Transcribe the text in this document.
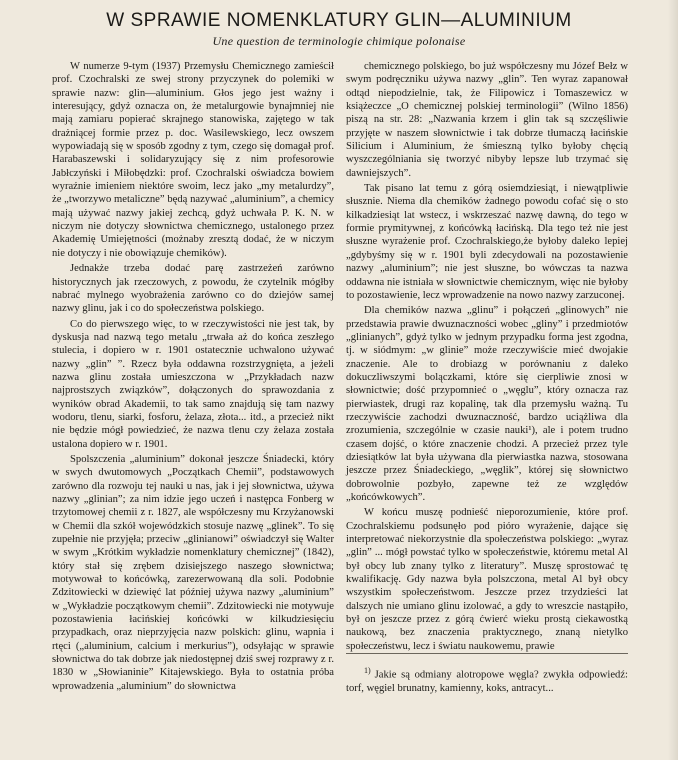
W SPRAWIE NOMENKLATURY GLIN—ALUMINIUM
Une question de terminologie chimique polonaise

W numerze 9-tym (1937) Przemysłu Chemicznego zamieścił prof. Czochralski ze swej strony przyczynek do polemiki w sprawie nazw: glin—aluminium. Głos jego jest ważny i interesujący, gdyż oznacza on, że metalurgowie bynajmniej nie mają zamiaru popierać skrajnego stanowiska, zajętego w tak drażniącej formie przez p. doc. Wasilewskiego, lecz owszem wypowiadają się w sposób zgodny z tym, czego się domagał prof. Harabaszewski i solidaryzujący się z nim profesorowie Jabłczyński i Miłobędzki: prof. Czochralski oświadcza bowiem wyraźnie imieniem niektóre swoim, lecz jako „my metalurdzy”, że „tworzywo metaliczne” będą nazywać „aluminium”, a chemicy mają używać nazwy jakiej zechcą, gdyż uchwała P. K. N. w niczym nie dotyczy słownictwa chemicznego, ustalonego przez Akademię Umiejętności (możnaby zresztą dodać, że w niczym nie dotyczy i nie obowiązuje chemików).

Jednakże trzeba dodać parę zastrzeżeń zarówno historycznych jak rzeczowych, z powodu, że czytelnik mógłby nabrać mylnego wyobrażenia zarówno co do dziejów samej nazwy glinu, jak i co do społeczeństwa polskiego.

Co do pierwszego więc, to w rzeczywistości nie jest tak, by dyskusja nad nazwą tego metalu „trwała aż do końca zeszłego stulecia, i dopiero w r. 1901 ostatecznie uchwalono używać nazwy „glin” ”. Rzecz była oddawna rozstrzygnięta, a jeżeli nazwa glinu została umieszczona w „Przykładach nazw najprostszych związków”, dołączonych do sprawozdania z wyników obrad Akademii, to tak samo znajdują się tam nazwy wodoru, tlenu, siarki, fosforu, żelaza, złota... itd., a przecież nikt nie będzie mógł powiedzieć, że nazwa tlenu czy żelaza została ustalona dopiero w r. 1901.

Spolszczenia „aluminium” dokonał jeszcze Śniadecki, który w swych dwutomowych „Początkach Chemii”, podstawowych zarówno dla rozwoju tej nauki u nas, jak i jej słownictwa, używa nazwy „glinian”; za nim idzie jego uczeń i następca Fonberg w trzytomowej chemii z r. 1827, ale współczesny mu Krzyżanowski w Chemii dla szkół wojewódzkich stosuje nazwę „glinek”. To się zupełnie nie przyjęła; przeciw „glinianowi” oświadczył się Walter w swym „Krótkim wykładzie nomenklatury chemicznej” (1842), który stał się zrębem dzisiejszego naszego słownictwa; motywował to końcówką, zarezerwowaną dla soli. Podobnie Zdzitowiecki w dziewięć lat później używa nazwy „aluminium” w „Wykładzie początkowym chemii”. Zdzitowiecki nie motywuje pozostawienia łacińskiej końcówki w kilkudziesięciu przypadkach, oraz nieprzyjęcia nazw polskich: glinu, wapnia i rtęci („aluminium, calcium i merkurius”), odsyłając w sprawie słownictwa do tak dobrze jak niedostępnej dziś swej rozprawy z r. 1830 w „Słowianinie” Kitajewskiego. Była to ostatnia próba wprowadzenia „aluminium” do słownictwa

chemicznego polskiego, bo już współczesny mu Józef Bełz w swym podręczniku używa nazwy „glin”. Ten wyraz zapanował odtąd niepodzielnie, tak, że Filipowicz i Tomaszewicz w książeczce „O chemicznej polskiej terminologii” (Wilno 1856) piszą na str. 28: „Nazwania krzem i glin tak są szczęśliwie przyjęte w naszem słownictwie i tak dobrze tłumaczą łacińskie Silicium i Aluminium, że śmieszną tylko byłoby chęcią wyszczególniania się tworzyć nibyby lepsze lub trzymać się dawniejszych”.

Tak pisano lat temu z górą osiemdziesiąt, i niewątpliwie słusznie. Niema dla chemików żadnego powodu cofać się o sto kilkadziesiąt lat wstecz, i wskrzeszać nazwę dawną, do tego w formie prymitywnej, z końcówką łacińską. Dla tego też nie jest słuszne wyrażenie prof. Czochralskiego,że byłoby daleko lepiej „gdybyśmy się w r. 1901 byli zdecydowali na pozostawienie nazwy „aluminium”; nie jest słuszne, bo wówczas ta nazwa oddawna nie istniała w słownictwie chemicznym, więc nie byłoby to pozostawienie, lecz wprowadzenie na nowo nazwy zarzuconej.

Dla chemików nazwa „glinu” i połączeń „glinowych” nie przedstawia prawie dwuznaczności wobec „gliny” i przedmiotów „glinianych”, gdyż tylko w jednym przypadku forma jest zgodna, tj. w siódmym: „w glinie” może rzeczywiście mieć dwojakie znaczenie. Ale to drobiazg w porównaniu z daleko dokuczliwszymi bolączkami, które się cierpliwie znosi w słownictwie; dość przypomnieć o „węglu”, który oznacza raz pierwiastek, drugi raz kopalinę, tak dla przemysłu ważną. Tu rzeczywiście zachodzi dwuznaczność, bardzo uciążliwa dla zrozumienia, szczególnie w czasie nauki¹), ale i potem trudno czasem dojść, o które znaczenie chodzi. A przecież przez tyle dziesiątków lat była używana dla pierwiastka nazwa, stosowana jeszcze przez Śniadeckiego, „węglik”, której się słownictwo dobrowolnie pozbyło, zapewne też ze względów „końcówkowych”.

W końcu muszę podnieść nieporozumienie, które prof. Czochralskiemu podsunęło pod pióro wyrażenie, dające się interpretować niekorzystnie dla społeczeństwa polskiego: „wyraz „glin” ... mógł powstać tylko w społeczeństwie, któremu metal Al był obcy lub znany tylko z literatury”. Muszę sprostować tę kwalifikację. Gdy nazwa była polszczona, metal Al był obcy wszystkim społeczeństwom. Jeszcze przez trzydzieści lat dalszych nie umiano glinu izolować, a gdy to wreszcie nastąpiło, był on jeszcze przez z górą ćwierć wieku prostą ciekawostką naukową, bez znaczenia praktycznego, znaną nietylko społeczeństwu, lecz i światu naukowemu, prawie

$^{1)}$ Jakie są odmiany alotropowe węgla? zwykła odpowiedź: torf, węgiel brunatny, kamienny, koks, antracyt...
